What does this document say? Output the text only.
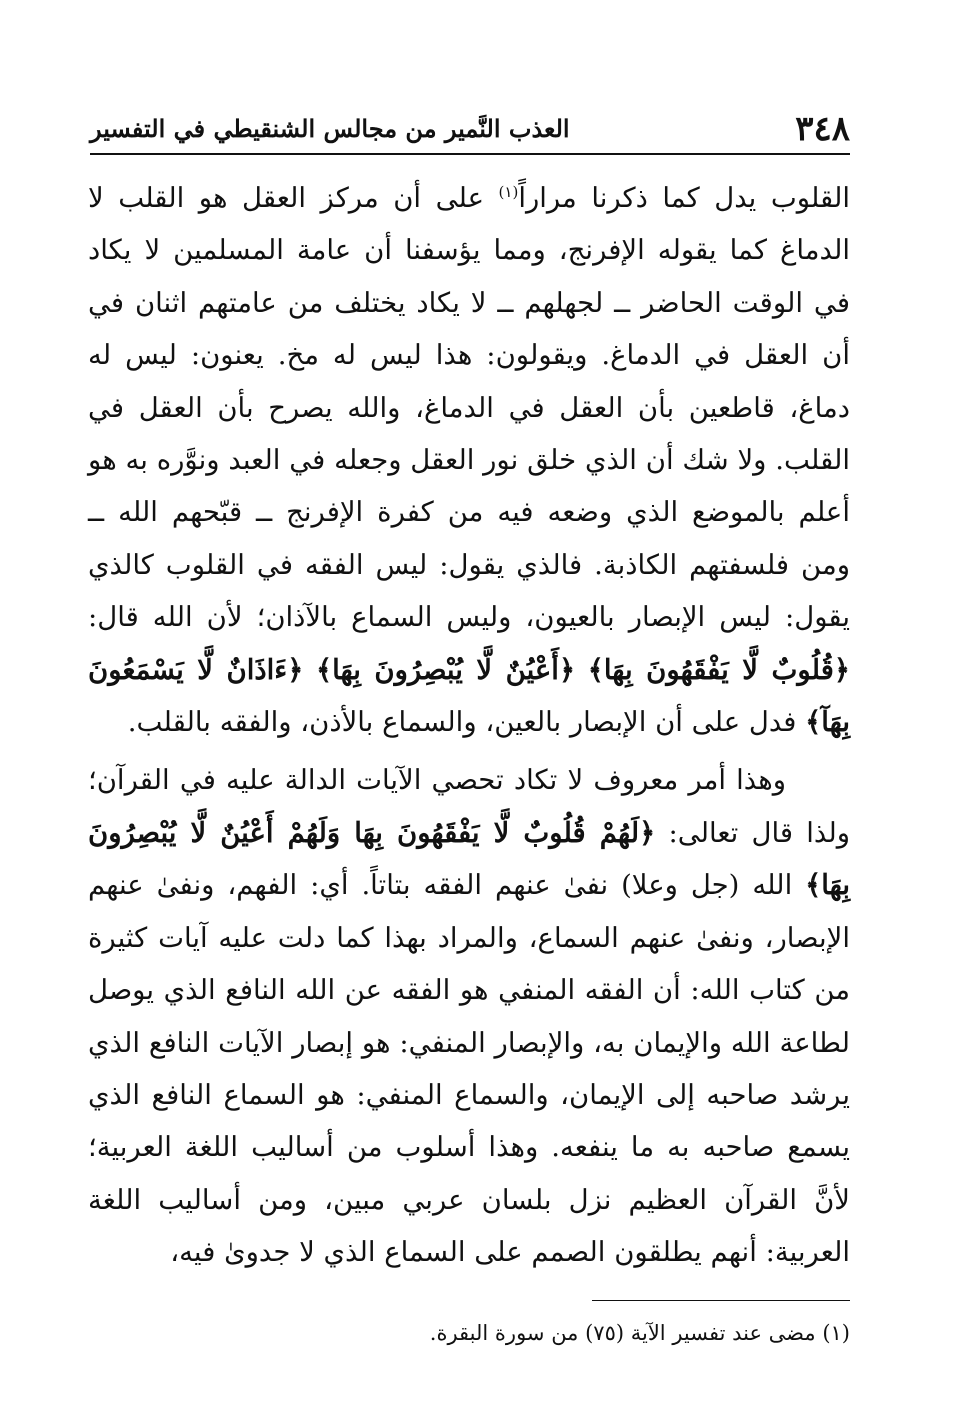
٣٤٨
العذب النَّمير من مجالس الشنقيطي في التفسير

القلوب يدل كما ذكرنا مراراً$^{(١)}$ على أن مركز العقل هو القلب لا الدماغ كما يقوله الإفرنج، ومما يؤسفنا أن عامة المسلمين لا يكاد في الوقت الحاضر ــ لجهلهم ــ لا يكاد يختلف من عامتهم اثنان في أن العقل في الدماغ. ويقولون: هذا ليس له مخ. يعنون: ليس له دماغ، قاطعين بأن العقل في الدماغ، والله يصرح بأن العقل في القلب. ولا شك أن الذي خلق نور العقل وجعله في العبد ونوَّره به هو أعلم بالموضع الذي وضعه فيه من كفرة الإفرنج ــ قبّحهم الله ــ ومن فلسفتهم الكاذبة. فالذي يقول: ليس الفقه في القلوب كالذي يقول: ليس الإبصار بالعيون، وليس السماع بالآذان؛ لأن الله قال: ﴿قُلُوبٌ لَّا يَفْقَهُونَ بِهَا﴾ ﴿أَعْيُنٌ لَّا يُبْصِرُونَ بِهَا﴾ ﴿ءَاذَانٌ لَّا يَسْمَعُونَ بِهَآ﴾ فدل على أن الإبصار بالعين، والسماع بالأذن، والفقه بالقلب.

وهذا أمر معروف لا تكاد تحصي الآيات الدالة عليه في القرآن؛ ولذا قال تعالى: ﴿لَهُمْ قُلُوبٌ لَّا يَفْقَهُونَ بِهَا وَلَهُمْ أَعْيُنٌ لَّا يُبْصِرُونَ بِهَا﴾ الله (جل وعلا) نفىٰ عنهم الفقه بتاتاً. أي: الفهم، ونفىٰ عنهم الإبصار، ونفىٰ عنهم السماع، والمراد بهذا كما دلت عليه آيات كثيرة من كتاب الله: أن الفقه المنفي هو الفقه عن الله النافع الذي يوصل لطاعة الله والإيمان به، والإبصار المنفي: هو إبصار الآيات النافع الذي يرشد صاحبه إلى الإيمان، والسماع المنفي: هو السماع النافع الذي يسمع صاحبه به ما ينفعه. وهذا أسلوب من أساليب اللغة العربية؛ لأنَّ القرآن العظيم نزل بلسان عربي مبين، ومن أساليب اللغة العربية: أنهم يطلقون الصمم على السماع الذي لا جدوىٰ فيه،

(١) مضى عند تفسير الآية (٧٥) من سورة البقرة.
